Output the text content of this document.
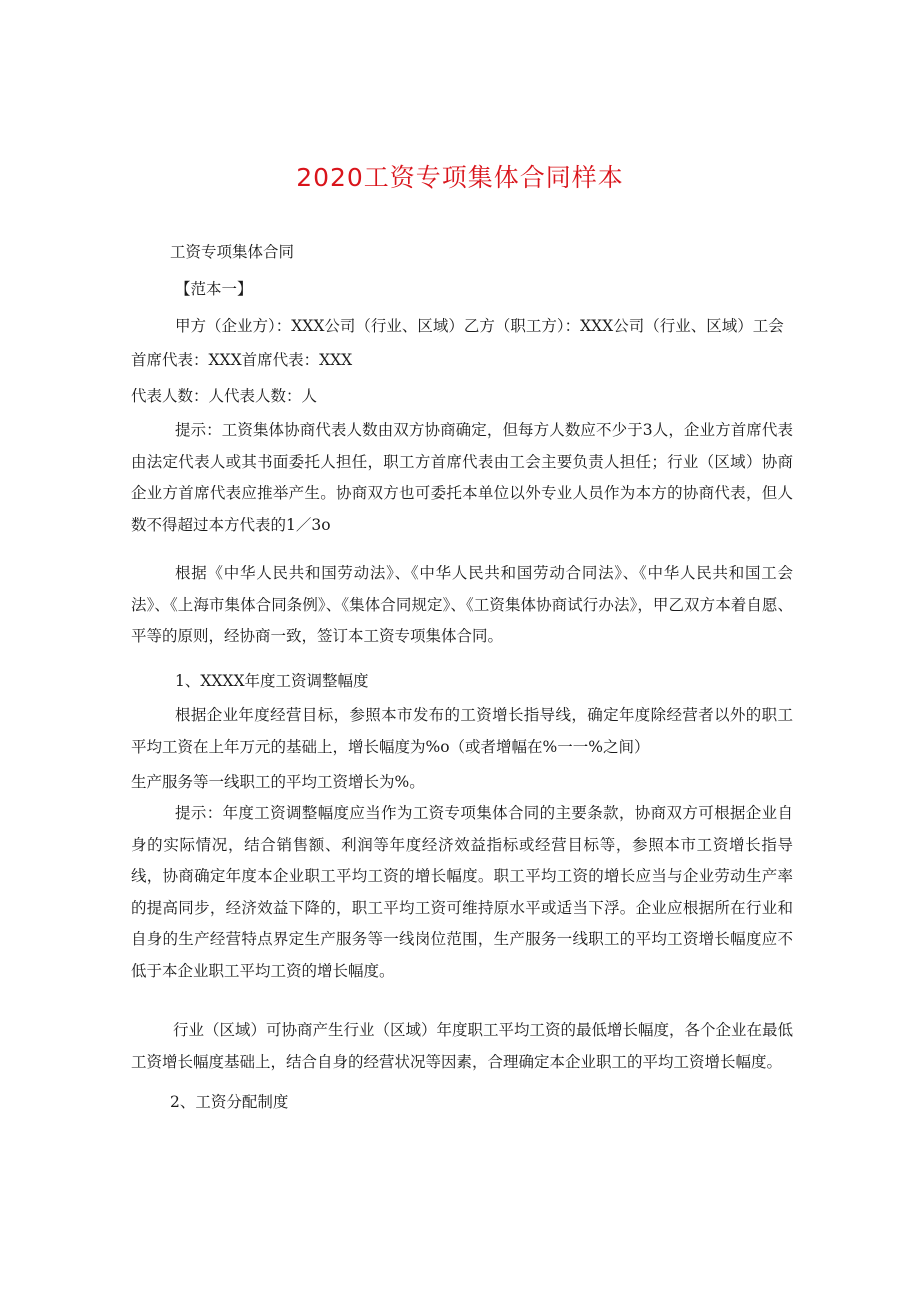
2020工资专项集体合同样本
工资专项集体合同
【范本一】
甲方（企业方）：XXX公司（行业、区域）乙方（职工方）：XXX公司（行业、区域）工会
首席代表：XXX首席代表：XXX
代表人数：人代表人数：人
提示：工资集体协商代表人数由双方协商确定，但每方人数应不少于3人，企业方首席代表由法定代表人或其书面委托人担任，职工方首席代表由工会主要负责人担任；行业（区域）协商企业方首席代表应推举产生。协商双方也可委托本单位以外专业人员作为本方的协商代表，但人数不得超过本方代表的1／3o
根据《中华人民共和国劳动法》、《中华人民共和国劳动合同法》、《中华人民共和国工会法》、《上海市集体合同条例》、《集体合同规定》、《工资集体协商试行办法》，甲乙双方本着自愿、平等的原则，经协商一致，签订本工资专项集体合同。
1、XXXX年度工资调整幅度
根据企业年度经营目标，参照本市发布的工资增长指导线，确定年度除经营者以外的职工平均工资在上年万元的基础上，增长幅度为%o（或者增幅在%一一%之间）
生产服务等一线职工的平均工资增长为%。
提示：年度工资调整幅度应当作为工资专项集体合同的主要条款，协商双方可根据企业自身的实际情况，结合销售额、利润等年度经济效益指标或经营目标等，参照本市工资增长指导线，协商确定年度本企业职工平均工资的增长幅度。职工平均工资的增长应当与企业劳动生产率的提高同步，经济效益下降的，职工平均工资可维持原水平或适当下浮。企业应根据所在行业和自身的生产经营特点界定生产服务等一线岗位范围，生产服务一线职工的平均工资增长幅度应不低于本企业职工平均工资的增长幅度。
行业（区域）可协商产生行业（区域）年度职工平均工资的最低增长幅度，各个企业在最低工资增长幅度基础上，结合自身的经营状况等因素，合理确定本企业职工的平均工资增长幅度。
2、工资分配制度
